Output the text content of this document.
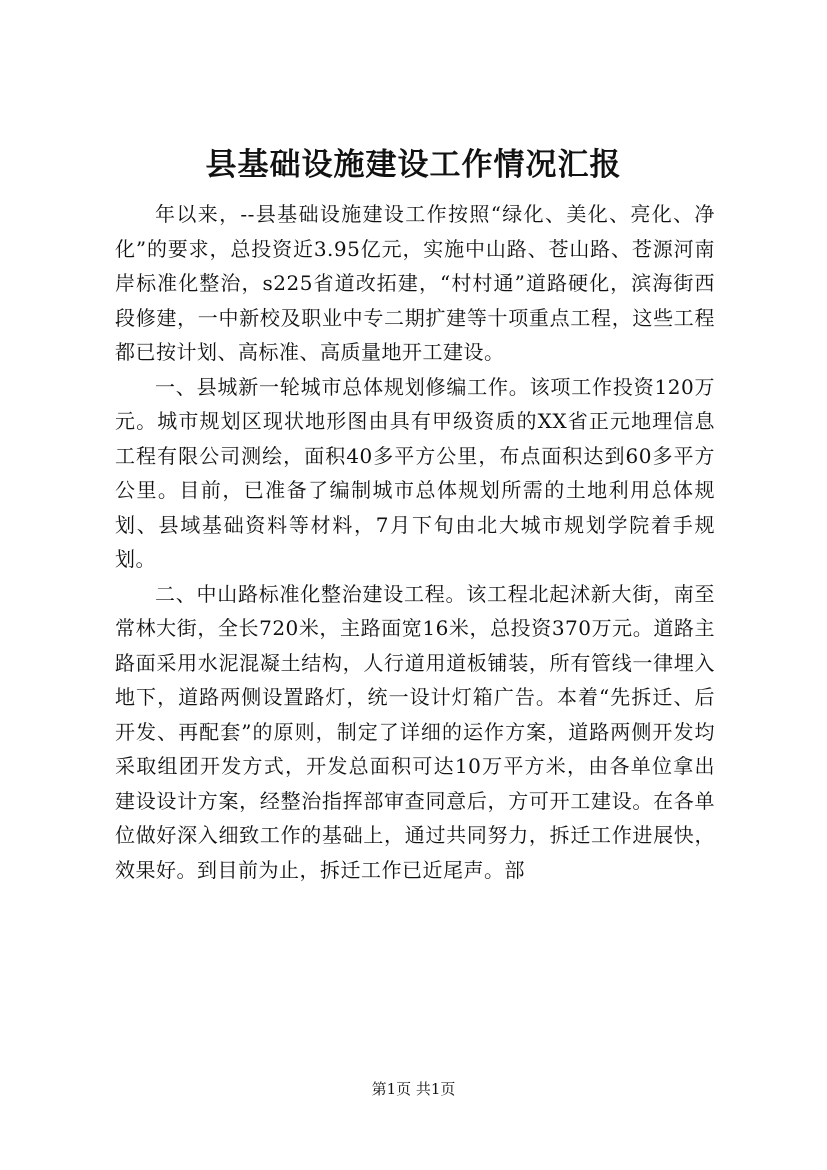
县基础设施建设工作情况汇报

年以来，--县基础设施建设工作按照“绿化、美化、亮化、净化”的要求，总投资近3.95亿元，实施中山路、苍山路、苍源河南岸标准化整治，s225省道改拓建，“村村通”道路硬化，滨海街西段修建，一中新校及职业中专二期扩建等十项重点工程，这些工程都已按计划、高标准、高质量地开工建设。

一、县城新一轮城市总体规划修编工作。该项工作投资120万元。城市规划区现状地形图由具有甲级资质的XX省正元地理信息工程有限公司测绘，面积40多平方公里，布点面积达到60多平方公里。目前，已准备了编制城市总体规划所需的土地利用总体规划、县域基础资料等材料，7月下旬由北大城市规划学院着手规划。

二、中山路标准化整治建设工程。该工程北起沭新大街，南至常林大街，全长720米，主路面宽16米，总投资370万元。道路主路面采用水泥混凝土结构，人行道用道板铺装，所有管线一律埋入地下，道路两侧设置路灯，统一设计灯箱广告。本着“先拆迁、后开发、再配套”的原则，制定了详细的运作方案，道路两侧开发均采取组团开发方式，开发总面积可达10万平方米，由各单位拿出建设设计方案，经整治指挥部审查同意后，方可开工建设。在各单位做好深入细致工作的基础上，通过共同努力，拆迁工作进展快，效果好。到目前为止，拆迁工作已近尾声。部

第1页 共1页
